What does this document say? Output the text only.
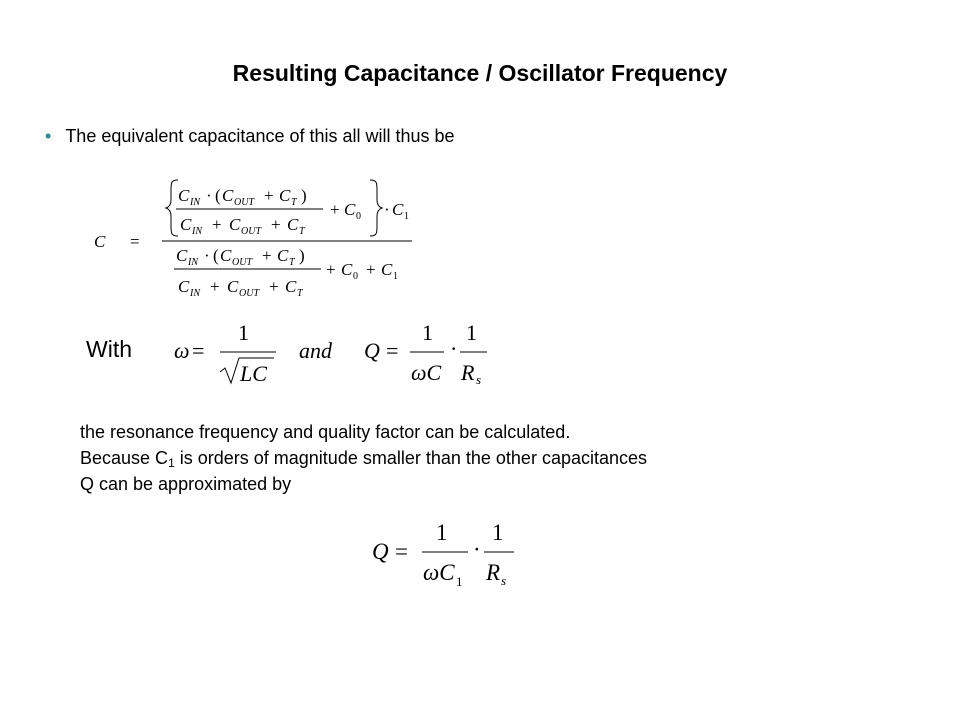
Resulting Capacitance / Oscillator Frequency
• The equivalent capacitance of this all will thus be
C =
C IN · ( C OUT + C T )
C IN + C OUT + C T
+ C 0 · C 1
C IN · ( C OUT + C T )
C IN + C OUT + C T
+ C 0 + C 1
ω =
1
LC
and Q =
1
ωC
·
1
R s
Q =
1
ωC 1
·
1
R s
With
the resonance frequency and quality factor can be calculated.
Because $C_1$ is orders of magnitude smaller than the other capacitances
Q can be approximated by
